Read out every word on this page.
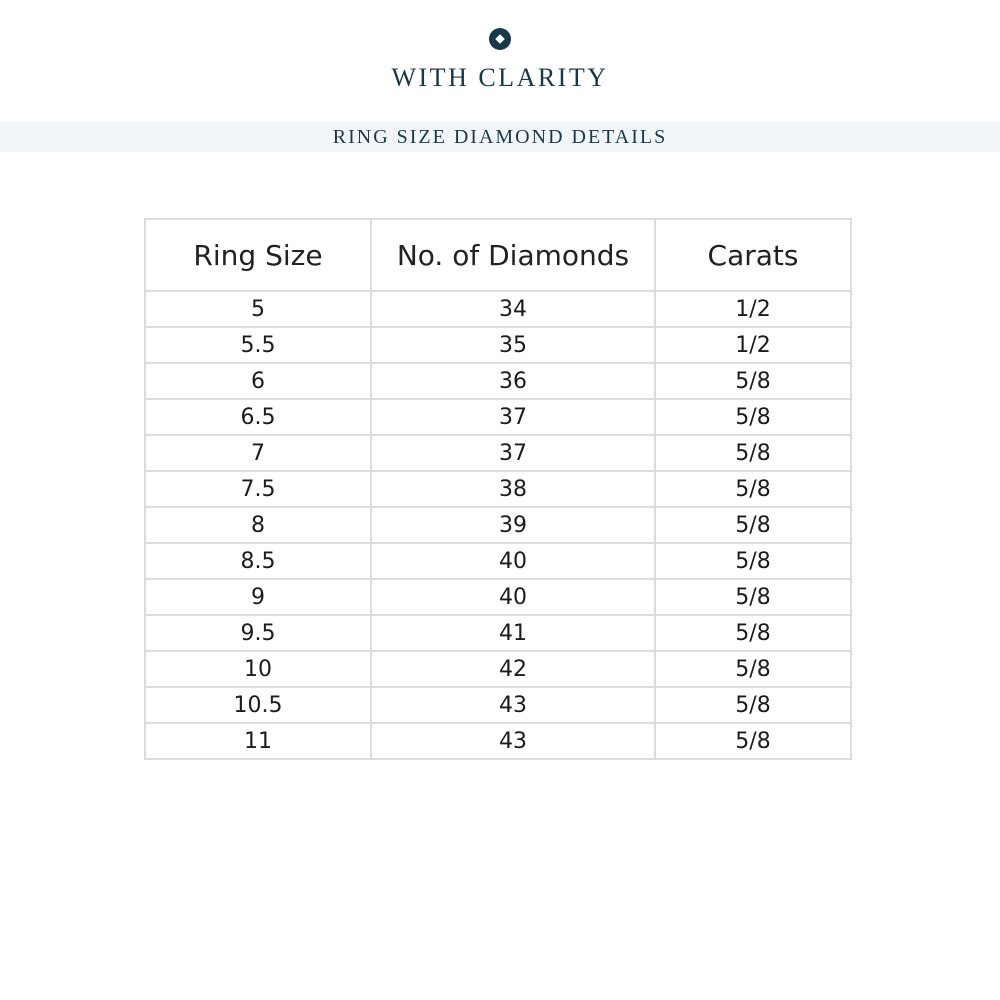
WITH CLARITY
RING SIZE DIAMOND DETAILS
Ring Size	No. of Diamonds	Carats
5	34	1/2
5.5	35	1/2
6	36	5/8
6.5	37	5/8
7	37	5/8
7.5	38	5/8
8	39	5/8
8.5	40	5/8
9	40	5/8
9.5	41	5/8
10	42	5/8
10.5	43	5/8
11	43	5/8
